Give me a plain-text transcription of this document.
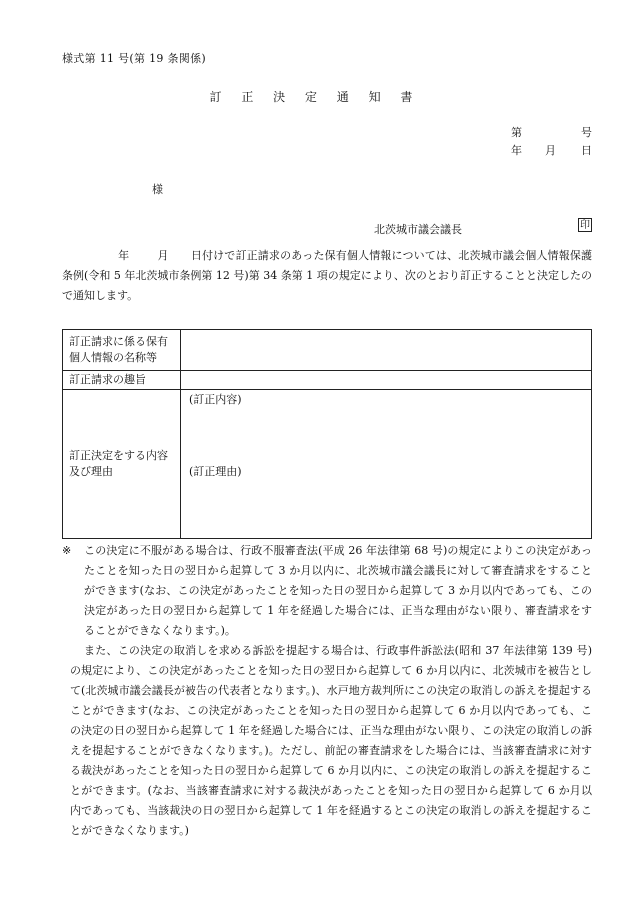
様式第 11 号(第 19 条関係)
訂 正 決 定 通 知 書
第	号
年 月 日
様
北茨城市議会議長	印
年	月 日付けで訂正請求のあった保有個人情報については、北茨城市議会個人情報保護条例(令和 5 年北茨城市条例第 12 号)第 34 条第 1 項の規定により、次のとおり訂正することと決定したので通知します。
訂正請求に係る保有個人情報の名称等	
訂正請求の趣旨	
訂正決定をする内容及び理由	(訂正内容)
(訂正理由)

※ この決定に不服がある場合は、行政不服審査法(平成 26 年法律第 68 号)の規定によりこの決定があったことを知った日の翌日から起算して 3 か月以内に、北茨城市議会議長に対して審査請求をすることができます(なお、この決定があったことを知った日の翌日から起算して 3 か月以内であっても、この決定があった日の翌日から起算して 1 年を経過した場合には、正当な理由がない限り、審査請求をすることができなくなります。)。

また、この決定の取消しを求める訴訟を提起する場合は、行政事件訴訟法(昭和 37 年法律第 139 号)の規定により、この決定があったことを知った日の翌日から起算して 6 か月以内に、北茨城市を被告として(北茨城市議会議長が被告の代表者となります。)、水戸地方裁判所にこの決定の取消しの訴えを提起することができます(なお、この決定があったことを知った日の翌日から起算して 6 か月以内であっても、この決定の日の翌日から起算して 1 年を経過した場合には、正当な理由がない限り、この決定の取消しの訴えを提起することができなくなります。)。ただし、前記の審査請求をした場合には、当該審査請求に対する裁決があったことを知った日の翌日から起算して 6 か月以内に、この決定の取消しの訴えを提起することができます。(なお、当該審査請求に対する裁決があったことを知った日の翌日から起算して 6 か月以内であっても、当該裁決の日の翌日から起算して 1 年を経過するとこの決定の取消しの訴えを提起することができなくなります。)
